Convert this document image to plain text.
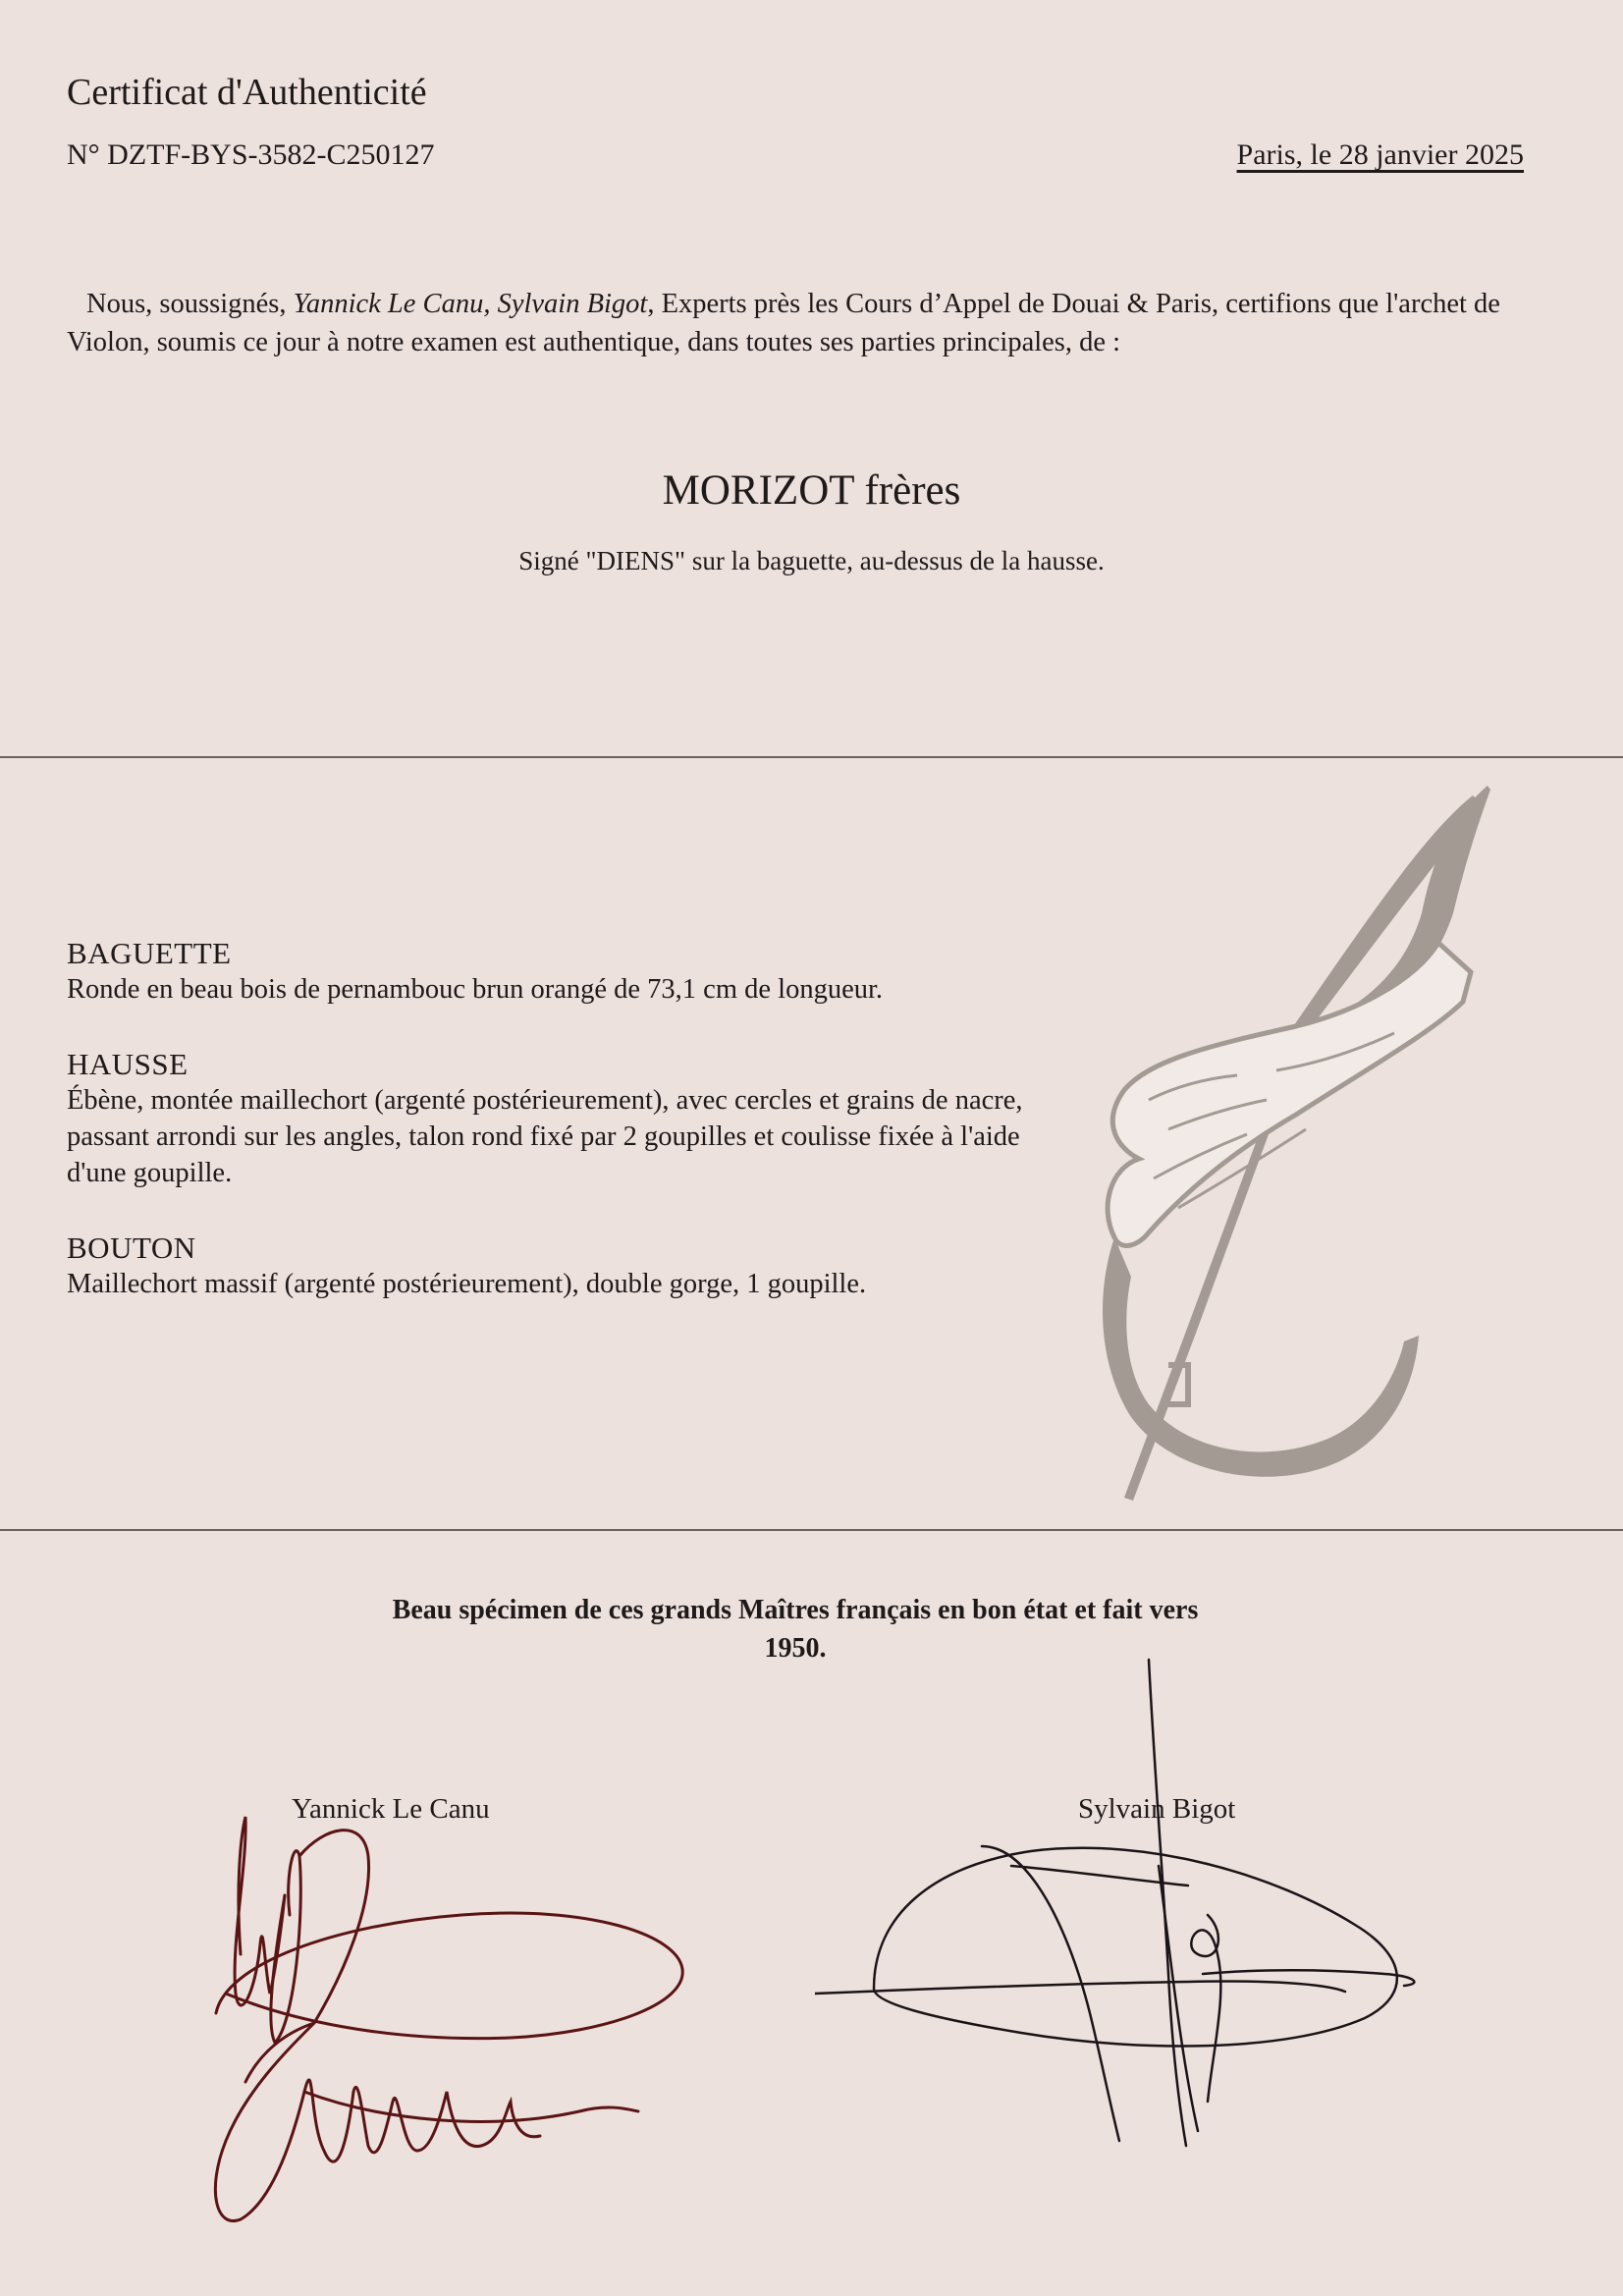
Certificat d'Authenticité
N° DZTF-BYS-3582-C250127	Paris, le 28 janvier 2025
Nous, soussignés, Yannick Le Canu, Sylvain Bigot, Experts près les Cours d’Appel de Douai & Paris, certifions que l'archet de Violon, soumis ce jour à notre examen est authentique, dans toutes ses parties principales, de :
MORIZOT frères
Signé "DIENS" sur la baguette, au-dessus de la hausse.
BAGUETTE
Ronde en beau bois de pernambouc brun orangé de 73,1 cm de longueur.
HAUSSE
Ébène, montée maillechort (argenté postérieurement), avec cercles et grains de nacre, passant arrondi sur les angles, talon rond fixé par 2 goupilles et coulisse fixée à l'aide d'une goupille.
BOUTON
Maillechort massif (argenté postérieurement), double gorge, 1 goupille.
Beau spécimen de ces grands Maîtres français en bon état et fait vers 1950.
Yannick Le Canu	Sylvain Bigot
